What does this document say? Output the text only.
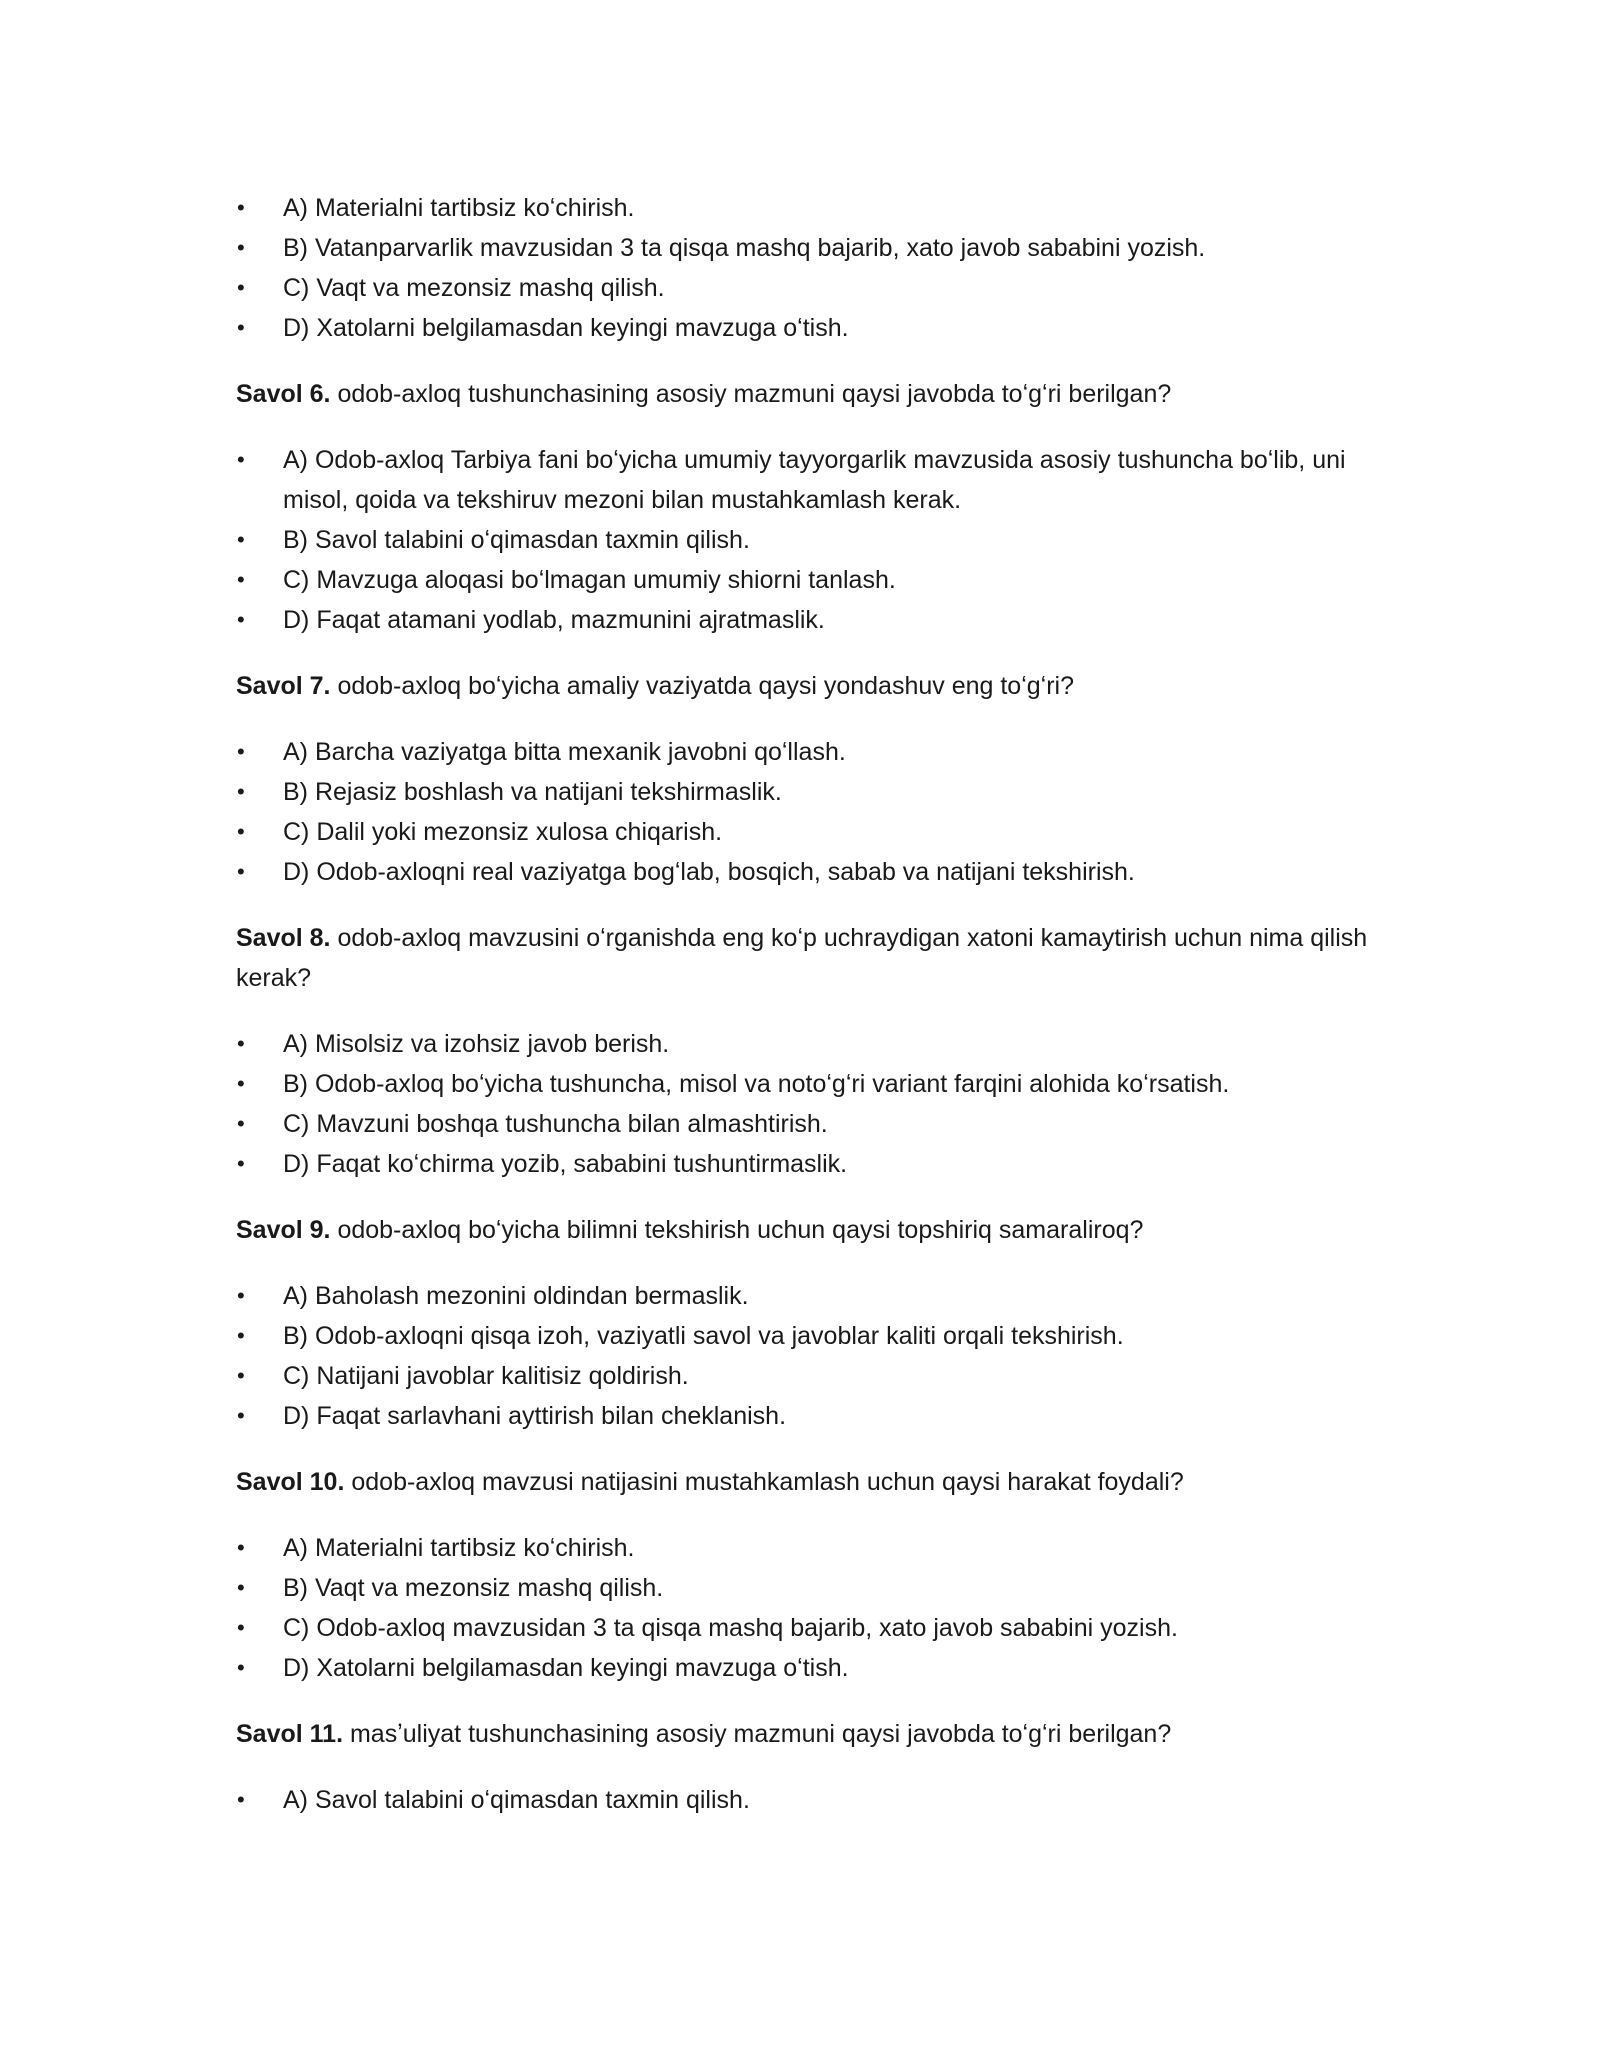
• A) Materialni tartibsiz koʻchirish.
• B) Vatanparvarlik mavzusidan 3 ta qisqa mashq bajarib, xato javob sababini yozish.
• C) Vaqt va mezonsiz mashq qilish.
• D) Xatolarni belgilamasdan keyingi mavzuga oʻtish.

Savol 6. odob-axloq tushunchasining asosiy mazmuni qaysi javobda toʻgʻri berilgan?

• A) Odob-axloq Tarbiya fani boʻyicha umumiy tayyorgarlik mavzusida asosiy tushuncha boʻlib, uni misol, qoida va tekshiruv mezoni bilan mustahkamlash kerak.
• B) Savol talabini oʻqimasdan taxmin qilish.
• C) Mavzuga aloqasi boʻlmagan umumiy shiorni tanlash.
• D) Faqat atamani yodlab, mazmunini ajratmaslik.

Savol 7. odob-axloq boʻyicha amaliy vaziyatda qaysi yondashuv eng toʻgʻri?

• A) Barcha vaziyatga bitta mexanik javobni qoʻllash.
• B) Rejasiz boshlash va natijani tekshirmaslik.
• C) Dalil yoki mezonsiz xulosa chiqarish.
• D) Odob-axloqni real vaziyatga bogʻlab, bosqich, sabab va natijani tekshirish.

Savol 8. odob-axloq mavzusini oʻrganishda eng koʻp uchraydigan xatoni kamaytirish uchun nima qilish kerak?

• A) Misolsiz va izohsiz javob berish.
• B) Odob-axloq boʻyicha tushuncha, misol va notoʻgʻri variant farqini alohida koʻrsatish.
• C) Mavzuni boshqa tushuncha bilan almashtirish.
• D) Faqat koʻchirma yozib, sababini tushuntirmaslik.

Savol 9. odob-axloq boʻyicha bilimni tekshirish uchun qaysi topshiriq samaraliroq?

• A) Baholash mezonini oldindan bermaslik.
• B) Odob-axloqni qisqa izoh, vaziyatli savol va javoblar kaliti orqali tekshirish.
• C) Natijani javoblar kalitisiz qoldirish.
• D) Faqat sarlavhani ayttirish bilan cheklanish.

Savol 10. odob-axloq mavzusi natijasini mustahkamlash uchun qaysi harakat foydali?

• A) Materialni tartibsiz koʻchirish.
• B) Vaqt va mezonsiz mashq qilish.
• C) Odob-axloq mavzusidan 3 ta qisqa mashq bajarib, xato javob sababini yozish.
• D) Xatolarni belgilamasdan keyingi mavzuga oʻtish.

Savol 11. masʼuliyat tushunchasining asosiy mazmuni qaysi javobda toʻgʻri berilgan?

• A) Savol talabini oʻqimasdan taxmin qilish.
